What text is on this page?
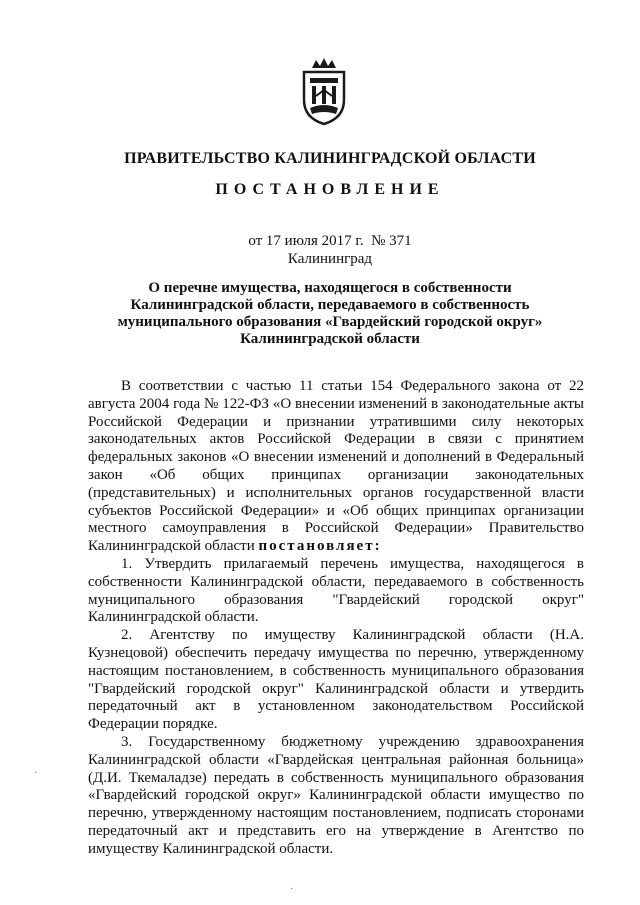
ПРАВИТЕЛЬСТВО КАЛИНИНГРАДСКОЙ ОБЛАСТИ
ПОСТАНОВЛЕНИЕ
от 17 июля 2017 г.  № 371
Калининград
О перечне имущества, находящегося в собственности
Калининградской области, передаваемого в собственность
муниципального образования «Гвардейский городской округ»
Калининградской области

В соответствии с частью 11 статьи 154 Федерального закона от 22 августа 2004 года № 122-ФЗ «О внесении изменений в законодательные акты Российской Федерации и признании утратившими силу некоторых законодательных актов Российской Федерации в связи с принятием федеральных законов «О внесении изменений и дополнений в Федеральный закон «Об общих принципах организации законодательных (представительных) и исполнительных органов государственной власти субъектов Российской Федерации» и «Об общих принципах организации местного самоуправления в Российской Федерации» Правительство Калининградской области постановляет:

1. Утвердить прилагаемый перечень имущества, находящегося в собственности Калининградской области, передаваемого в собственность муниципального образования "Гвардейский городской округ" Калининградской области.

2. Агентству по имуществу Калининградской области (Н.А. Кузнецовой) обеспечить передачу имущества по перечню, утвержденному настоящим постановлением, в собственность муниципального образования "Гвардейский городской округ" Калининградской области и утвердить передаточный акт в установленном законодательством Российской Федерации порядке.

3. Государственному бюджетному учреждению здравоохранения Калининградской области «Гвардейская центральная районная больница» (Д.И. Ткемаладзе) передать в собственность муниципального образования «Гвардейский городской округ» Калининградской области имущество по перечню, утвержденному настоящим постановлением, подписать сторонами передаточный акт и представить его на утверждение в Агентство по имуществу Калининградской области.

·
·
